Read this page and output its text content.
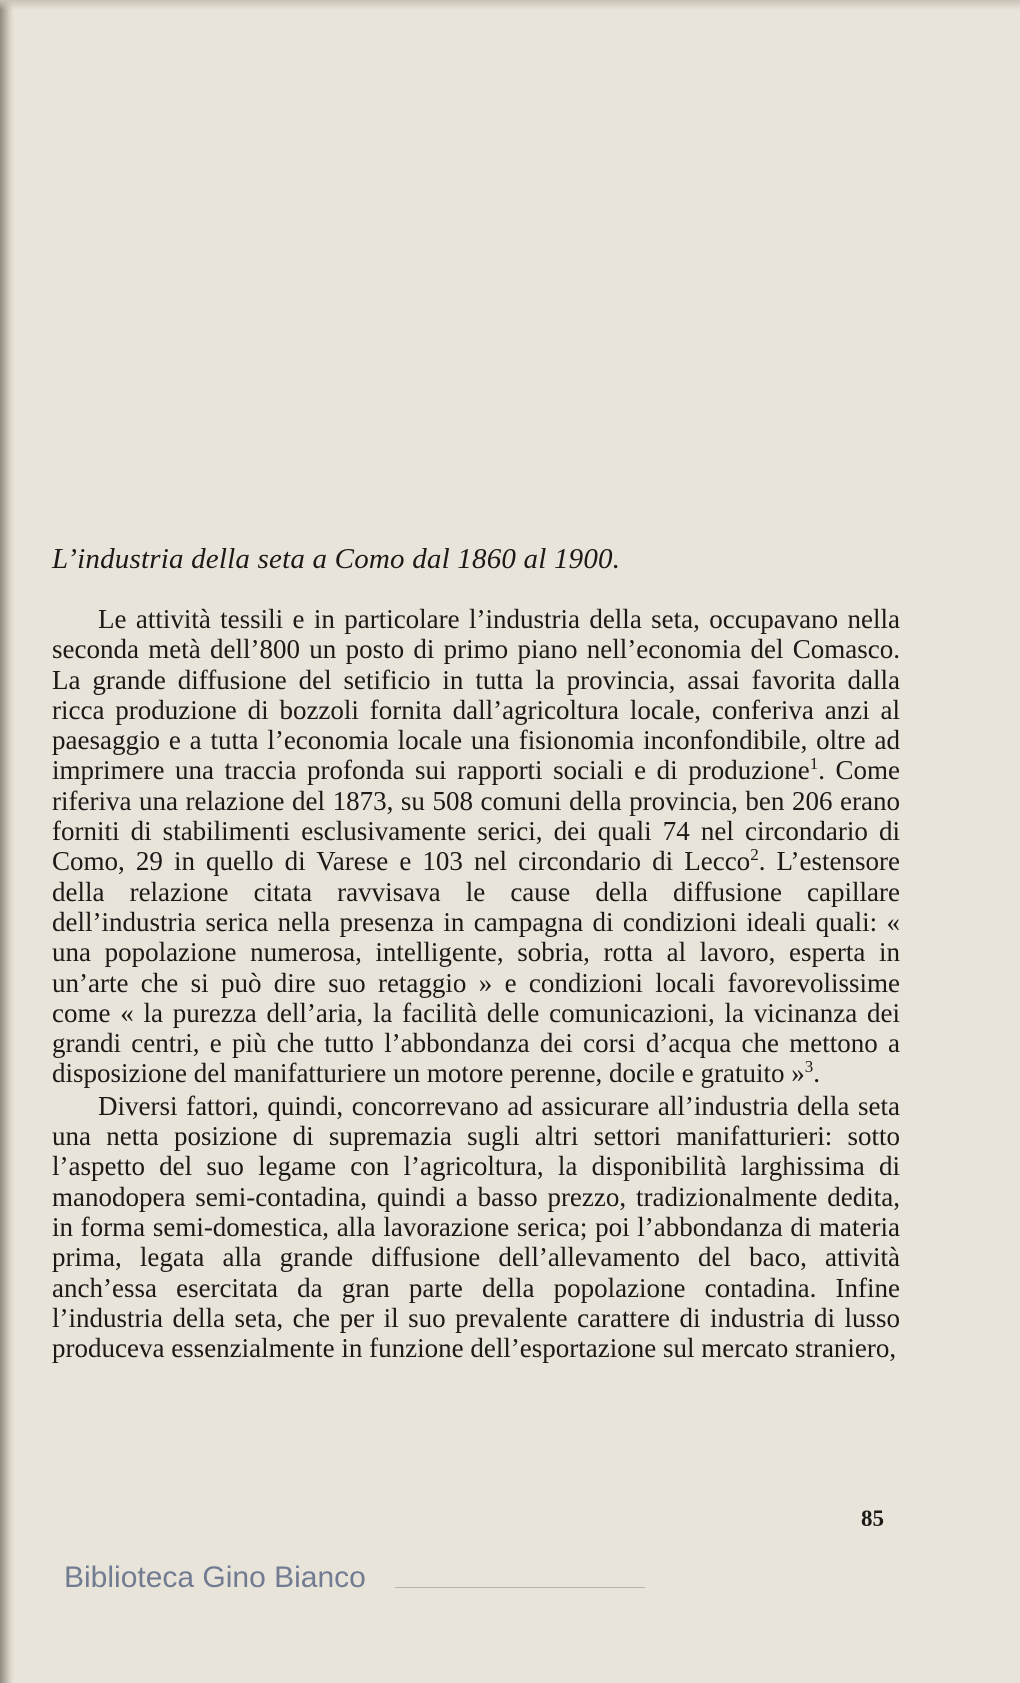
L’industria della seta a Como dal 1860 al 1900.

Le attività tessili e in particolare l’industria della seta, occupavano nella seconda metà dell’800 un posto di primo piano nell’economia del Comasco. La grande diffusione del setificio in tutta la provincia, assai favorita dalla ricca produzione di bozzoli fornita dall’agricoltura locale, conferiva anzi al paesaggio e a tutta l’economia locale una fisionomia inconfondibile, oltre ad imprimere una traccia profonda sui rapporti sociali e di produzione$^1$. Come riferiva una relazione del 1873, su 508 comuni della provincia, ben 206 erano forniti di stabilimenti esclusivamente serici, dei quali 74 nel circondario di Como, 29 in quello di Varese e 103 nel circondario di Lecco$^2$. L’estensore della relazione citata ravvisava le cause della diffusione capillare dell’industria serica nella presenza in campagna di condizioni ideali quali: « una popolazione numerosa, intelligente, sobria, rotta al lavoro, esperta in un’arte che si può dire suo retaggio » e condizioni locali favorevolissime come « la purezza dell’aria, la facilità delle comunicazioni, la vicinanza dei grandi centri, e più che tutto l’abbondanza dei corsi d’acqua che mettono a disposizione del manifatturiere un motore perenne, docile e gratuito »$^3$.

Diversi fattori, quindi, concorrevano ad assicurare all’industria della seta una netta posizione di supremazia sugli altri settori manifatturieri: sotto l’aspetto del suo legame con l’agricoltura, la disponibilità larghissima di manodopera semi-contadina, quindi a basso prezzo, tradizionalmente dedita, in forma semi-domestica, alla lavorazione serica; poi l’abbondanza di materia prima, legata alla grande diffusione dell’allevamento del baco, attività anch’essa esercitata da gran parte della popolazione contadina. Infine l’industria della seta, che per il suo prevalente carattere di industria di lusso produceva essenzialmente in funzione dell’esportazione sul mercato straniero,

85
Biblioteca Gino Bianco
